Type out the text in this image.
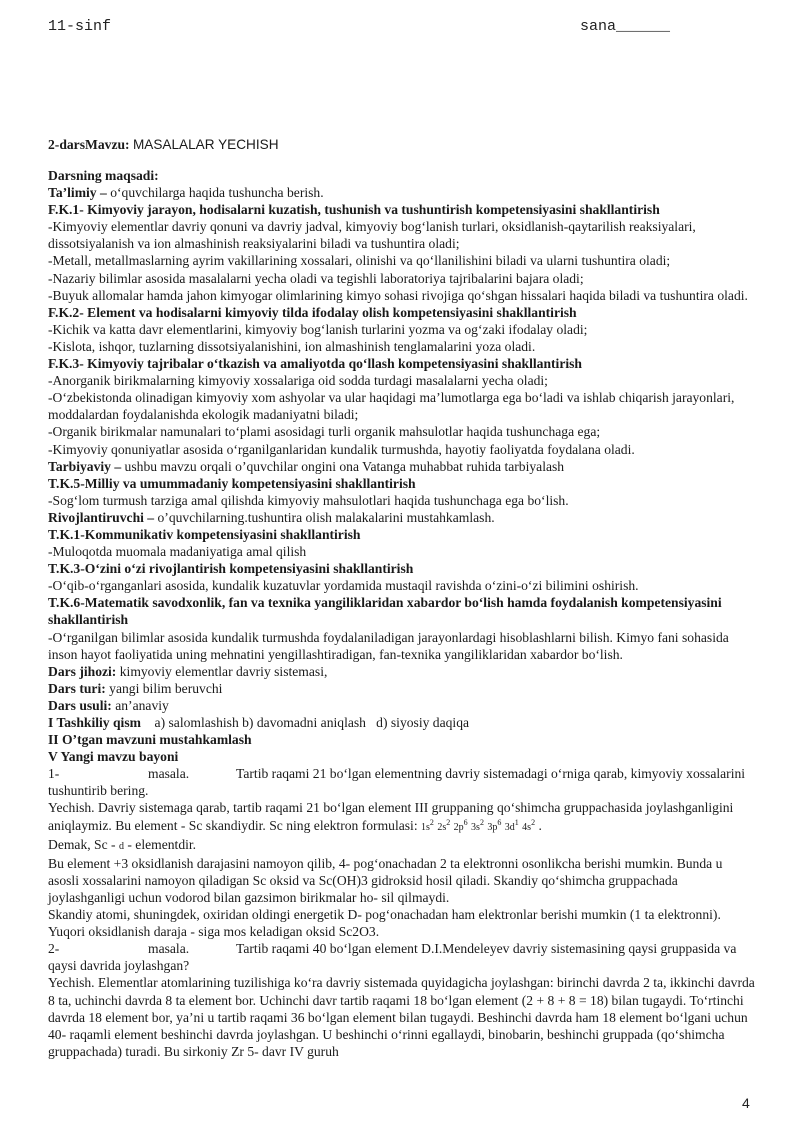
11-sinf	sana______
2-darsMavzu: MASALALAR YECHISH

Darsning maqsadi:

Ta’limiy – o‘quvchilarga haqida tushuncha berish.

F.K.1- Kimyoviy jarayon, hodisalarni kuzatish, tushunish va tushuntirish kompetensiyasini shakllantirish

-Kimyoviy elementlar davriy qonuni va davriy jadval, kimyoviy bog‘lanish turlari, oksidlanish-qaytarilish reaksiyalari, dissotsiyalanish va ion almashinish reaksiyalarini biladi va tushuntira oladi;

-Metall, metallmaslarning ayrim vakillarining xossalari, olinishi va qo‘llanilishini biladi va ularni tushuntira oladi;

-Nazariy bilimlar asosida masalalarni yecha oladi va tegishli laboratoriya tajribalarini bajara oladi;

-Buyuk allomalar hamda jahon kimyogar olimlarining kimyo sohasi rivojiga qo‘shgan hissalari haqida biladi va tushuntira oladi.

F.K.2- Element va hodisalarni kimyoviy tilda ifodalay olish kompetensiyasini shakllantirish

-Kichik va katta davr elementlarini, kimyoviy bog‘lanish turlarini yozma va og‘zaki ifodalay oladi;

-Kislota, ishqor, tuzlarning dissotsiyalanishini, ion almashinish tenglamalarini yoza oladi.

F.K.3- Kimyoviy tajribalar o‘tkazish va amaliyotda qo‘llash kompetensiyasini shakllantirish

-Anorganik birikmalarning kimyoviy xossalariga oid sodda turdagi masalalarni yecha oladi;

-O‘zbekistonda olinadigan kimyoviy xom ashyolar va ular haqidagi ma’lumotlarga ega bo‘ladi va ishlab chiqarish jarayonlari, moddalardan foydalanishda ekologik madaniyatni biladi;

-Organik birikmalar namunalari to‘plami asosidagi turli organik mahsulotlar haqida tushunchaga ega;

-Kimyoviy qonuniyatlar asosida o‘rganilganlaridan kundalik turmushda, hayotiy faoliyatda foydalana oladi.

Tarbiyaviy – ushbu mavzu orqali o’quvchilar ongini ona Vatanga muhabbat ruhida tarbiyalash

T.K.5-Milliy va umummadaniy kompetensiyasini shakllantirish

-Sog‘lom turmush tarziga amal qilishda kimyoviy mahsulotlari haqida tushunchaga ega bo‘lish.

Rivojlantiruvchi – o’quvchilarning.tushuntira olish malakalarini mustahkamlash.

T.K.1-Kommunikativ kompetensiyasini shakllantirish

-Muloqotda muomala madaniyatiga amal qilish

T.K.3-O‘zini o‘zi rivojlantirish kompetensiyasini shakllantirish

-O‘qib-o‘rganganlari asosida, kundalik kuzatuvlar yordamida mustaqil ravishda o‘zini-o‘zi bilimini oshirish.

T.K.6-Matematik savodxonlik, fan va texnika yangiliklaridan xabardor bo‘lish hamda foydalanish kompetensiyasini shakllantirish

-O‘rganilgan bilimlar asosida kundalik turmushda foydalaniladigan jarayonlardagi hisoblashlarni bilish. Kimyo fani sohasida inson hayot faoliyatida uning mehnatini yengillashtiradigan, fan-texnika yangiliklaridan xabardor bo‘lish.

Dars jihozi: kimyoviy elementlar davriy sistemasi,

Dars turi: yangi bilim beruvchi

Dars usuli: an’anaviy

I Tashkiliy qism    a) salomlashish b) davomadni aniqlash   d) siyosiy daqiqa

II O’tgan mavzuni mustahkamlash

V Yangi mavzu bayoni

1-	masala.	Tartib raqami 21 bo‘lgan elementning davriy sistemadagi o‘rniga qarab, kimyoviy xossalarini tushuntirib bering.

Yechish. Davriy sistemaga qarab, tartib raqami 21 bo‘lgan element III gruppaning qo‘shimcha gruppachasida joylashganligini aniqlaymiz. Bu element - Sc skandiydir. Sc ning elektron formulasi: $1s^2$ $2s^2$ $2p^6$ $3s^2$ $3p^6$ $3d^1$ $4s^2$ .

Demak, Sc - d - elementdir.

Bu element +3 oksidlanish darajasini namoyon qilib, 4- pog‘onachadan 2 ta elektronni osonlikcha berishi mumkin. Bunda u asosli xossalarini namoyon qiladigan Sc oksid va Sc(OH)3 gidroksid hosil qiladi. Skandiy qo‘shimcha gruppachada joylashganligi uchun vodorod bilan gazsimon birikmalar ho- sil qilmaydi.

Skandiy atomi, shuningdek, oxiridan oldingi energetik D- pog‘onachadan ham elektronlar berishi mumkin (1 ta elektronni). Yuqori oksidlanish daraja - siga mos keladigan oksid Sc2O3.

2-	masala.	Tartib raqami 40 bo‘lgan element D.I.Mendeleyev davriy sistemasining qaysi gruppasida va qaysi davrida joylashgan?

Yechish. Elementlar atomlarining tuzilishiga ko‘ra davriy sistemada quyidagicha joylashgan: birinchi davrda 2 ta, ikkinchi davrda 8 ta, uchinchi davrda 8 ta element bor. Uchinchi davr tartib raqami 18 bo‘lgan element (2 + 8 + 8 = 18) bilan tugaydi. To‘rtinchi davrda 18 element bor, ya’ni u tartib raqami 36 bo‘lgan element bilan tugaydi. Beshinchi davrda ham 18 element bo‘lgani uchun 40- raqamli element beshinchi davrda joylashgan. U beshinchi o‘rinni egallaydi, binobarin, beshinchi gruppada (qo‘shimcha gruppachada) turadi. Bu sirkoniy Zr 5- davr IV guruh

4
